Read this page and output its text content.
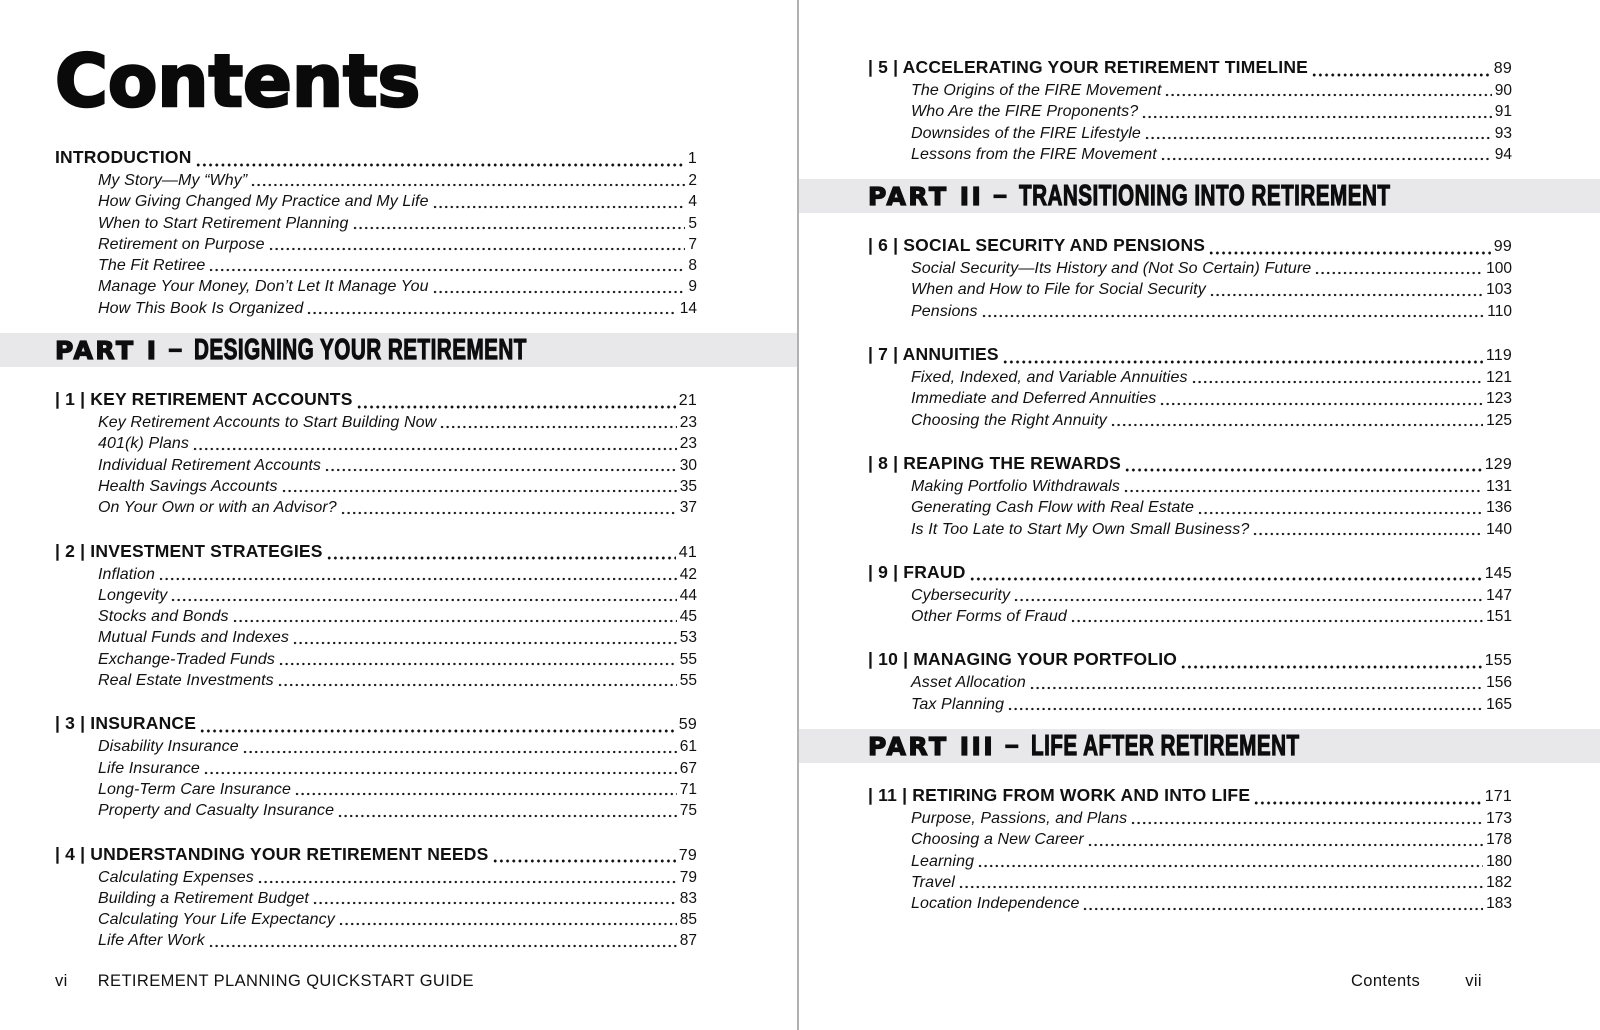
Contents
INTRODUCTION	1
My Story—My “Why”	2
How Giving Changed My Practice and My Life	4
When to Start Retirement Planning	5
Retirement on Purpose	7
The Fit Retiree	8
Manage Your Money, Don’t Let It Manage You	9
How This Book Is Organized	14
PART I – DESIGNING YOUR RETIREMENT
| 1 | KEY RETIREMENT ACCOUNTS	21
Key Retirement Accounts to Start Building Now	23
401(k) Plans	23
Individual Retirement Accounts	30
Health Savings Accounts	35
On Your Own or with an Advisor?	37
| 2 | INVESTMENT STRATEGIES	41
Inflation	42
Longevity	44
Stocks and Bonds	45
Mutual Funds and Indexes	53
Exchange-Traded Funds	55
Real Estate Investments	55
| 3 | INSURANCE	59
Disability Insurance	61
Life Insurance	67
Long-Term Care Insurance	71
Property and Casualty Insurance	75
| 4 | UNDERSTANDING YOUR RETIREMENT NEEDS	79
Calculating Expenses	79
Building a Retirement Budget	83
Calculating Your Life Expectancy	85
Life After Work	87
vi RETIREMENT PLANNING QUICKSTART GUIDE
| 5 | ACCELERATING YOUR RETIREMENT TIMELINE	89
The Origins of the FIRE Movement	90
Who Are the FIRE Proponents?	91
Downsides of the FIRE Lifestyle	93
Lessons from the FIRE Movement	94
PART II – TRANSITIONING INTO RETIREMENT
| 6 | SOCIAL SECURITY AND PENSIONS	99
Social Security—Its History and (Not So Certain) Future	100
When and How to File for Social Security	103
Pensions	110
| 7 | ANNUITIES	119
Fixed, Indexed, and Variable Annuities	121
Immediate and Deferred Annuities	123
Choosing the Right Annuity	125
| 8 | REAPING THE REWARDS	129
Making Portfolio Withdrawals	131
Generating Cash Flow with Real Estate	136
Is It Too Late to Start My Own Small Business?	140
| 9 | FRAUD	145
Cybersecurity	147
Other Forms of Fraud	151
| 10 | MANAGING YOUR PORTFOLIO	155
Asset Allocation	156
Tax Planning	165
PART III – LIFE AFTER RETIREMENT
| 11 | RETIRING FROM WORK AND INTO LIFE	171
Purpose, Passions, and Plans	173
Choosing a New Career	178
Learning	180
Travel	182
Location Independence	183
Contents	vii
